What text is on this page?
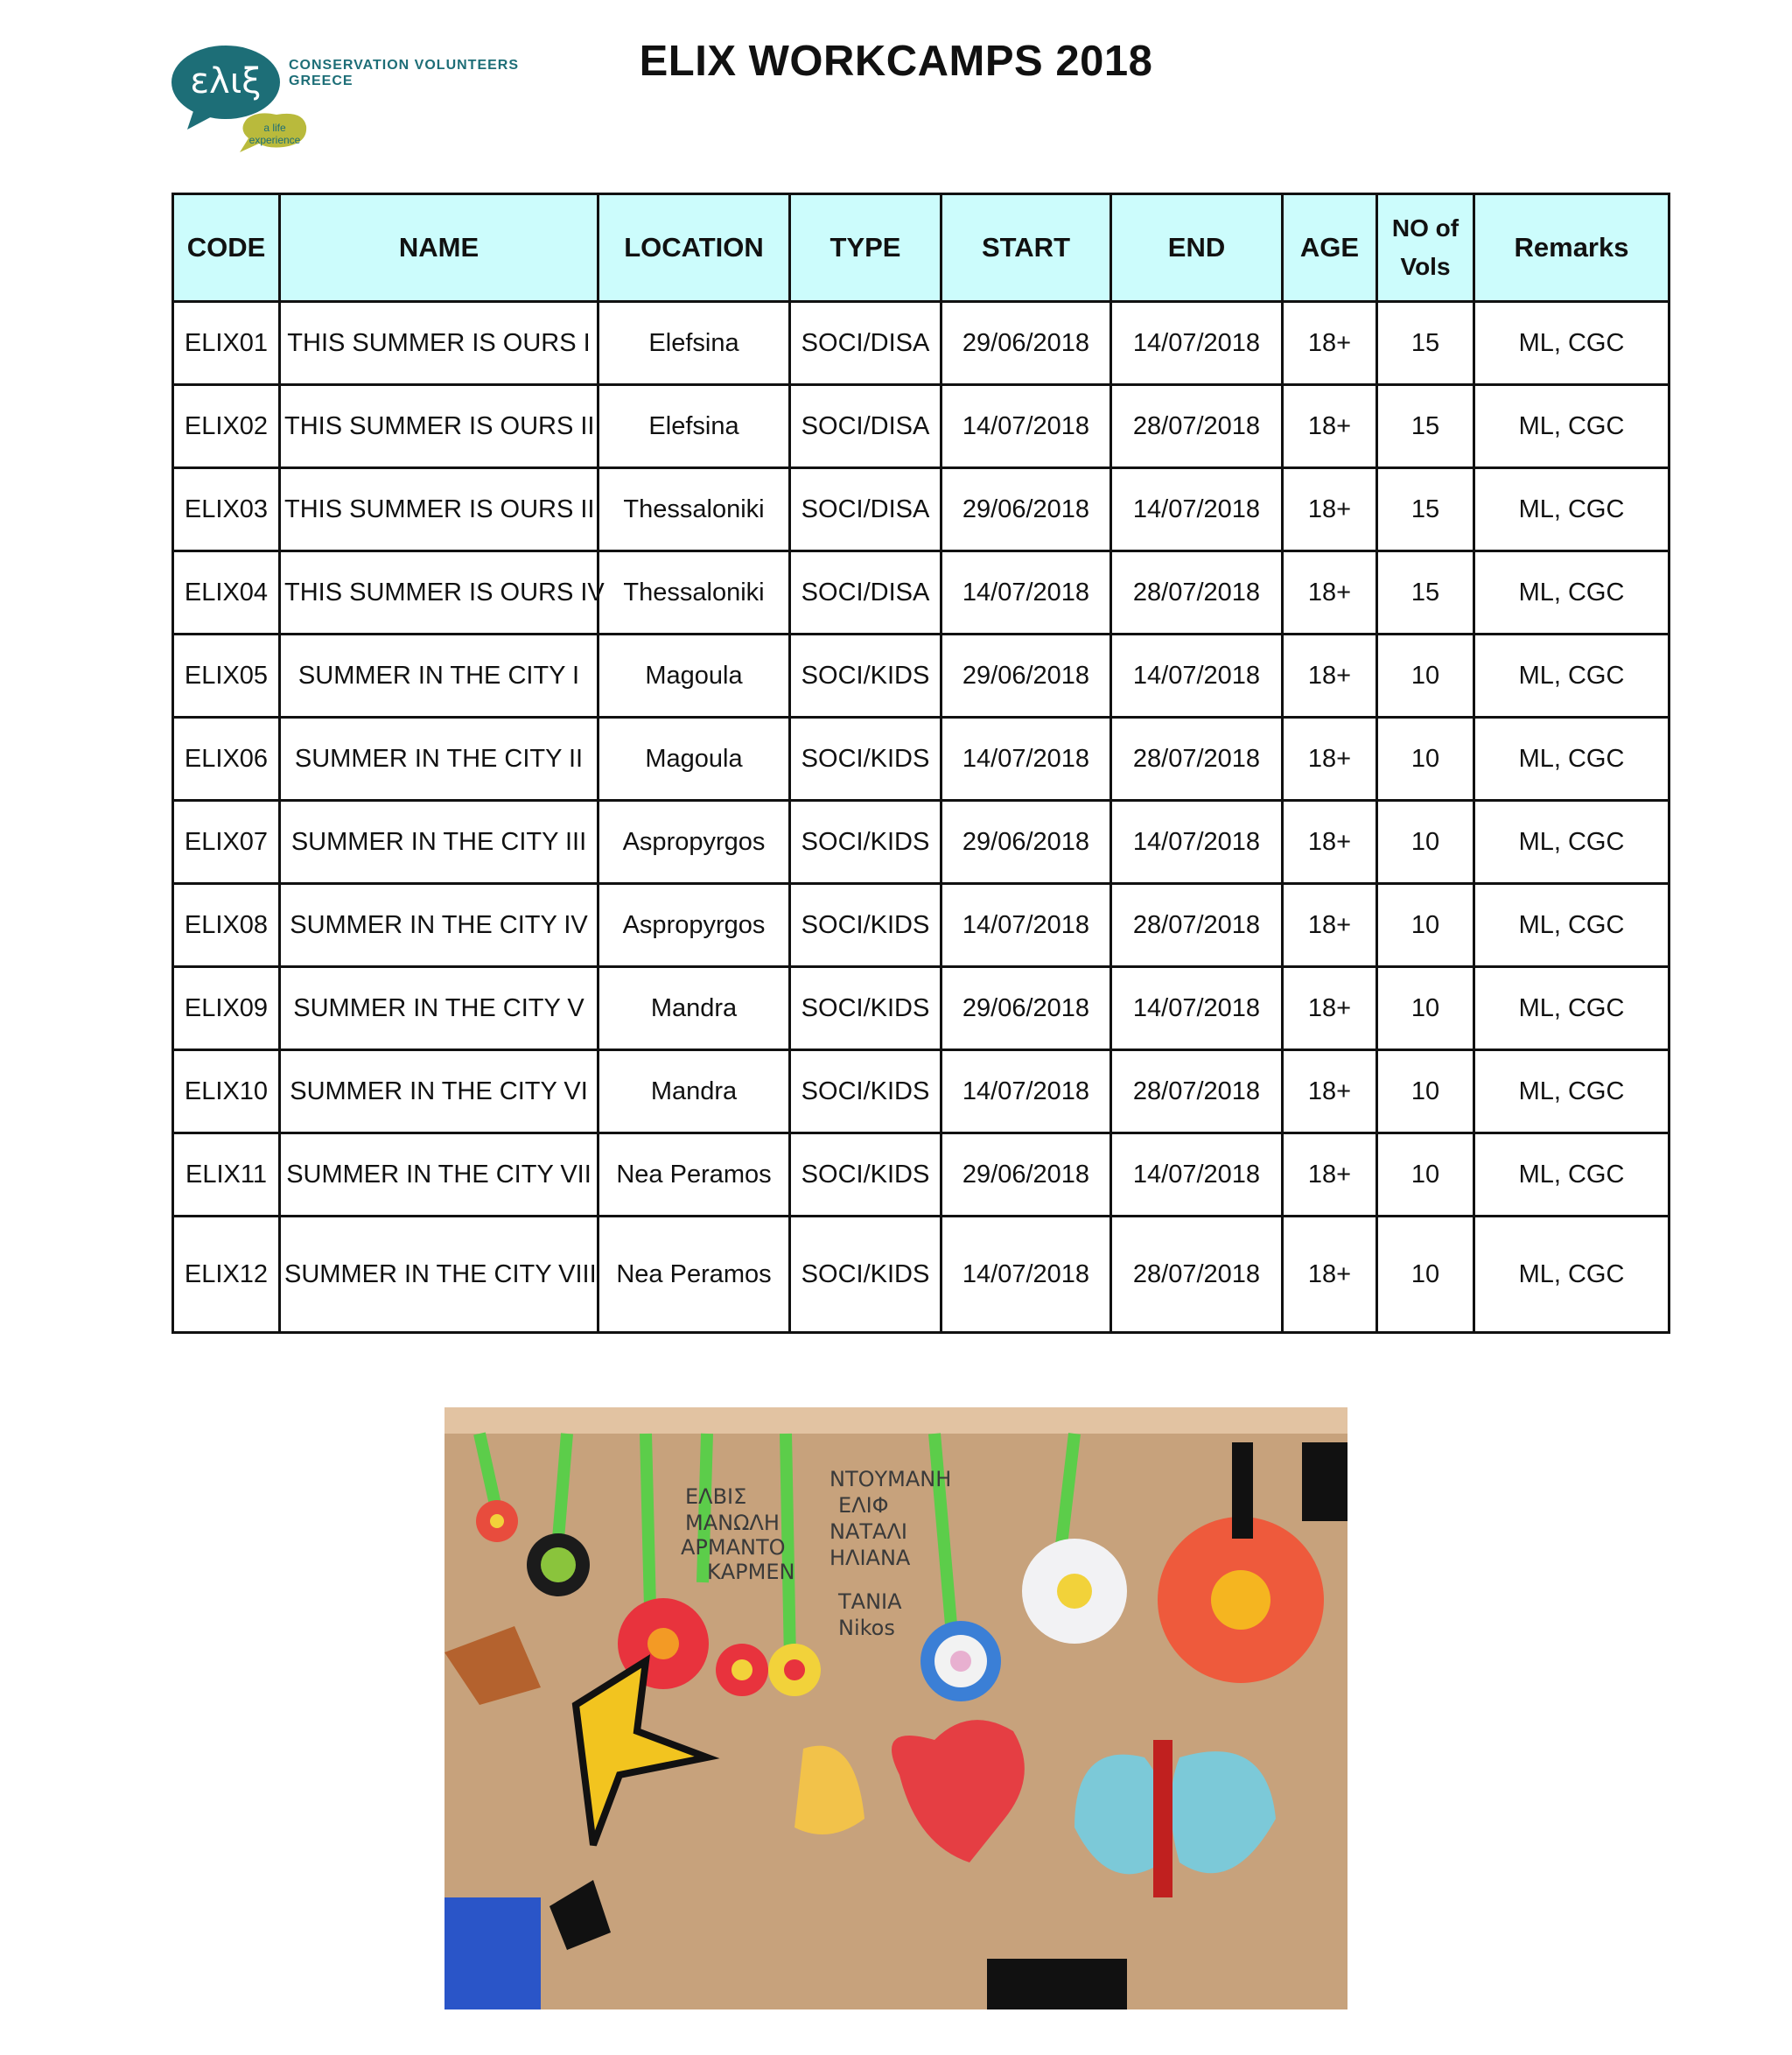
ελιξ
a life
experience
CONSERVATION VOLUNTEERS
GREECE	ELIX WORKCAMPS 2018
CODE	NAME	LOCATION	TYPE	START	END	AGE	NO of Vols	Remarks
ELIX01	THIS SUMMER IS OURS I	Elefsina	SOCI/DISA	29/06/2018	14/07/2018	18+	15	ML, CGC
ELIX02	THIS SUMMER IS OURS II	Elefsina	SOCI/DISA	14/07/2018	28/07/2018	18+	15	ML, CGC
ELIX03	THIS SUMMER IS OURS III	Thessaloniki	SOCI/DISA	29/06/2018	14/07/2018	18+	15	ML, CGC
ELIX04	THIS SUMMER IS OURS IV	Thessaloniki	SOCI/DISA	14/07/2018	28/07/2018	18+	15	ML, CGC
ELIX05	SUMMER IN THE CITY I	Magoula	SOCI/KIDS	29/06/2018	14/07/2018	18+	10	ML, CGC
ELIX06	SUMMER IN THE CITY II	Magoula	SOCI/KIDS	14/07/2018	28/07/2018	18+	10	ML, CGC
ELIX07	SUMMER IN THE CITY III	Aspropyrgos	SOCI/KIDS	29/06/2018	14/07/2018	18+	10	ML, CGC
ELIX08	SUMMER IN THE CITY IV	Aspropyrgos	SOCI/KIDS	14/07/2018	28/07/2018	18+	10	ML, CGC
ELIX09	SUMMER IN THE CITY V	Mandra	SOCI/KIDS	29/06/2018	14/07/2018	18+	10	ML, CGC
ELIX10	SUMMER IN THE CITY VI	Mandra	SOCI/KIDS	14/07/2018	28/07/2018	18+	10	ML, CGC
ELIX11	SUMMER IN THE CITY VII	Nea Peramos	SOCI/KIDS	29/06/2018	14/07/2018	18+	10	ML, CGC
ELIX12	SUMMER IN THE CITY VIII	Nea Peramos	SOCI/KIDS	14/07/2018	28/07/2018	18+	10	ML, CGC
ΕΛΒΙΣ
ΜΑΝΩΛΗ
ΑΡΜΑΝΤΟ
ΚΑΡΜΕΝ
ΝΤΟΥΜΑΝΗ
ΕΛΙΦ
ΝΑΤΑΛΙ
ΗΛΙΑΝΑ
ΤΑΝΙΑ
Nikos
